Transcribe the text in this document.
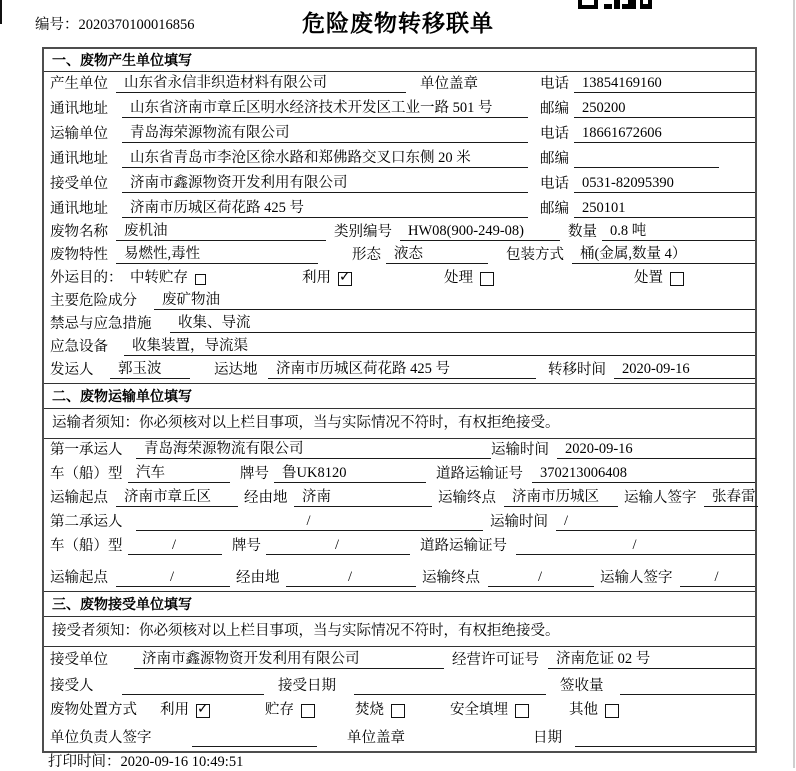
编号：2020370100016856	危险废物转移联单
一、废物产生单位填写
产生单位	山东省永信非织造材料有限公司	单位盖章	电话 13854169160
通讯地址	山东省济南市章丘区明水经济技术开发区工业一路 501 号	邮编 250200
运输单位	青岛海荣源物流有限公司	电话 18661672606
通讯地址	山东省青岛市李沧区徐水路和郑佛路交叉口东侧 20 米	邮编
接受单位	济南市鑫源物资开发利用有限公司	电话 0531-82095390
通讯地址	济南市历城区荷花路 425 号	邮编 250101
废物名称	废机油	类别编号	HW08(900-249-08)	数量 0.8 吨
废物特性	易燃性,毒性	形态 液态	包装方式	桶(金属,数量 4）
外运目的： 中转贮存	利用 ✓	处理	处置
主要危险成分	废矿物油
禁忌与应急措施	收集、导流
应急设备	收集装置，导流渠
发运人	郭玉波	运达地	济南市历城区荷花路 425 号	转移时间	2020-09-16
二、废物运输单位填写
运输者须知：你必须核对以上栏目事项，当与实际情况不符时，有权拒绝接受。
第一承运人	青岛海荣源物流有限公司	运输时间	2020-09-16
车（船）型 汽车	牌号 鲁UK8120	道路运输证号	370213006408
运输起点	济南市章丘区	经由地	济南	运输终点	济南市历城区	运输人签字	张春雷
第二承运人	/	运输时间	/
车（船）型	/	牌号	/	道路运输证号	/
运输起点	/	经由地	/	运输终点	/	运输人签字	/
三、废物接受单位填写
接受者须知：你必须核对以上栏目事项，当与实际情况不符时，有权拒绝接受。
接受单位	济南市鑫源物资开发利用有限公司	经营许可证号	济南危证 02 号
接受人	接受日期	签收量
废物处置方式	利用 ✓	贮存	焚烧	安全填埋	其他
单位负责人签字	单位盖章	日期
打印时间：2020-09-16 10:49:51
